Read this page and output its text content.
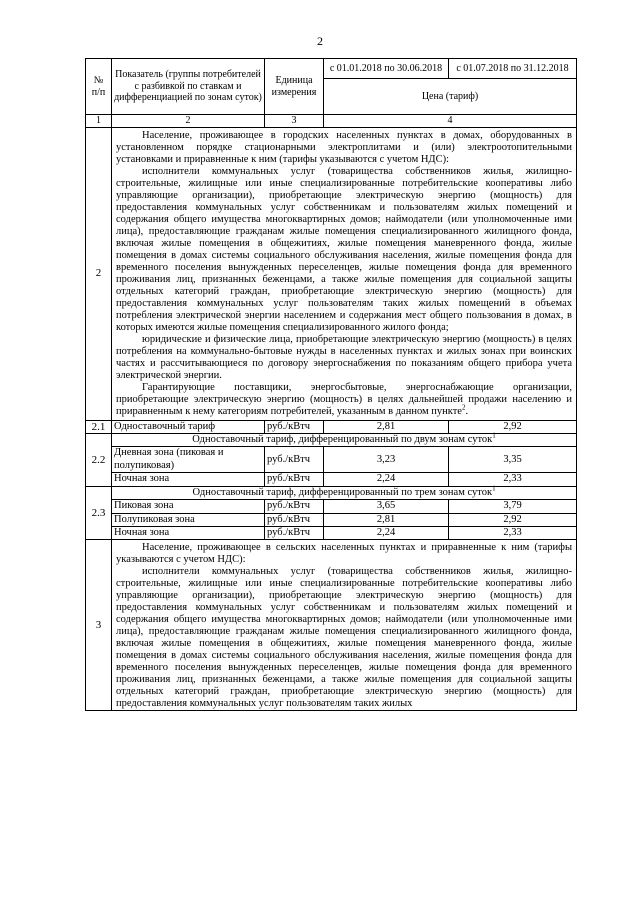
2
№
п/п	Показатель (группы потребителей с разбивкой по ставкам и дифференциацией по зонам суток)	Единица измерения	с 01.01.2018 по 30.06.2018	с 01.07.2018 по 31.12.2018
			Цена (тариф)	
1	2	3	4	
2	Население, проживающее в городских населенных пунктах в домах, оборудованных в установленном порядке стационарными электроплитами и (или) электроотопительными установками и приравненные к ним (тарифы указываются с учетом НДС):

исполнители коммунальных услуг (товарищества собственников жилья, жилищно-строительные, жилищные или иные специализированные потребительские кооперативы либо управляющие организации), приобретающие электрическую энергию (мощность) для предоставления коммунальных услуг собственникам и пользователям жилых помещений и содержания общего имущества многоквартирных домов; наймодатели (или уполномоченные ими лица), предоставляющие гражданам жилые помещения специализированного жилищного фонда, включая жилые помещения в общежитиях, жилые помещения маневренного фонда, жилые помещения в домах системы социального обслуживания населения, жилые помещения фонда для временного поселения вынужденных переселенцев, жилые помещения фонда для временного проживания лиц, признанных беженцами, а также жилые помещения для социальной защиты отдельных категорий граждан, приобретающие электрическую энергию (мощность) для предоставления коммунальных услуг пользователям таких жилых помещений в объемах потребления электрической энергии населением и содержания мест общего пользования в домах, в которых имеются жилые помещения специализированного жилого фонда;

юридические и физические лица, приобретающие электрическую энергию (мощность) в целях потребления на коммунально-бытовые нужды в населенных пунктах и жилых зонах при воинских частях и рассчитывающиеся по договору энергоснабжения по показаниям общего прибора учета электрической энергии.

Гарантирующие поставщики, энергосбытовые, энергоснабжающие организации, приобретающие электрическую энергию (мощность) в целях дальнейшей продажи населению и приравненным к нему категориям потребителей, указанным в данном пункте$^2$.			

2.1	Одноставочный тариф	руб./кВтч	2,81	2,92
2.2	Одноставочный тариф, дифференцированный по двум зонам суток$^1$
	Дневная зона (пиковая и полупиковая)	руб./кВтч	3,23	3,35
	Ночная зона	руб./кВтч	2,24	2,33
2.3	Одноставочный тариф, дифференцированный по трем зонам суток$^1$
	Пиковая зона	руб./кВтч	3,65	3,79
	Полупиковая зона	руб./кВтч	2,81	2,92
	Ночная зона	руб./кВтч	2,24	2,33
3	Население, проживающее в сельских населенных пунктах и приравненные к ним (тарифы указываются с учетом НДС):

исполнители коммунальных услуг (товарищества собственников жилья, жилищно-строительные, жилищные или иные специализированные потребительские кооперативы либо управляющие организации), приобретающие электрическую энергию (мощность) для предоставления коммунальных услуг собственникам и пользователям жилых помещений и содержания общего имущества многоквартирных домов; наймодатели (или уполномоченные ими лица), предоставляющие гражданам жилые помещения специализированного жилищного фонда, включая жилые помещения в общежитиях, жилые помещения маневренного фонда, жилые помещения в домах системы социального обслуживания населения, жилые помещения фонда для временного поселения вынужденных переселенцев, жилые помещения фонда для временного проживания лиц, признанных беженцами, а также жилые помещения для социальной защиты отдельных категорий граждан, приобретающие электрическую энергию (мощность) для предоставления коммунальных услуг пользователям таких жилых			
